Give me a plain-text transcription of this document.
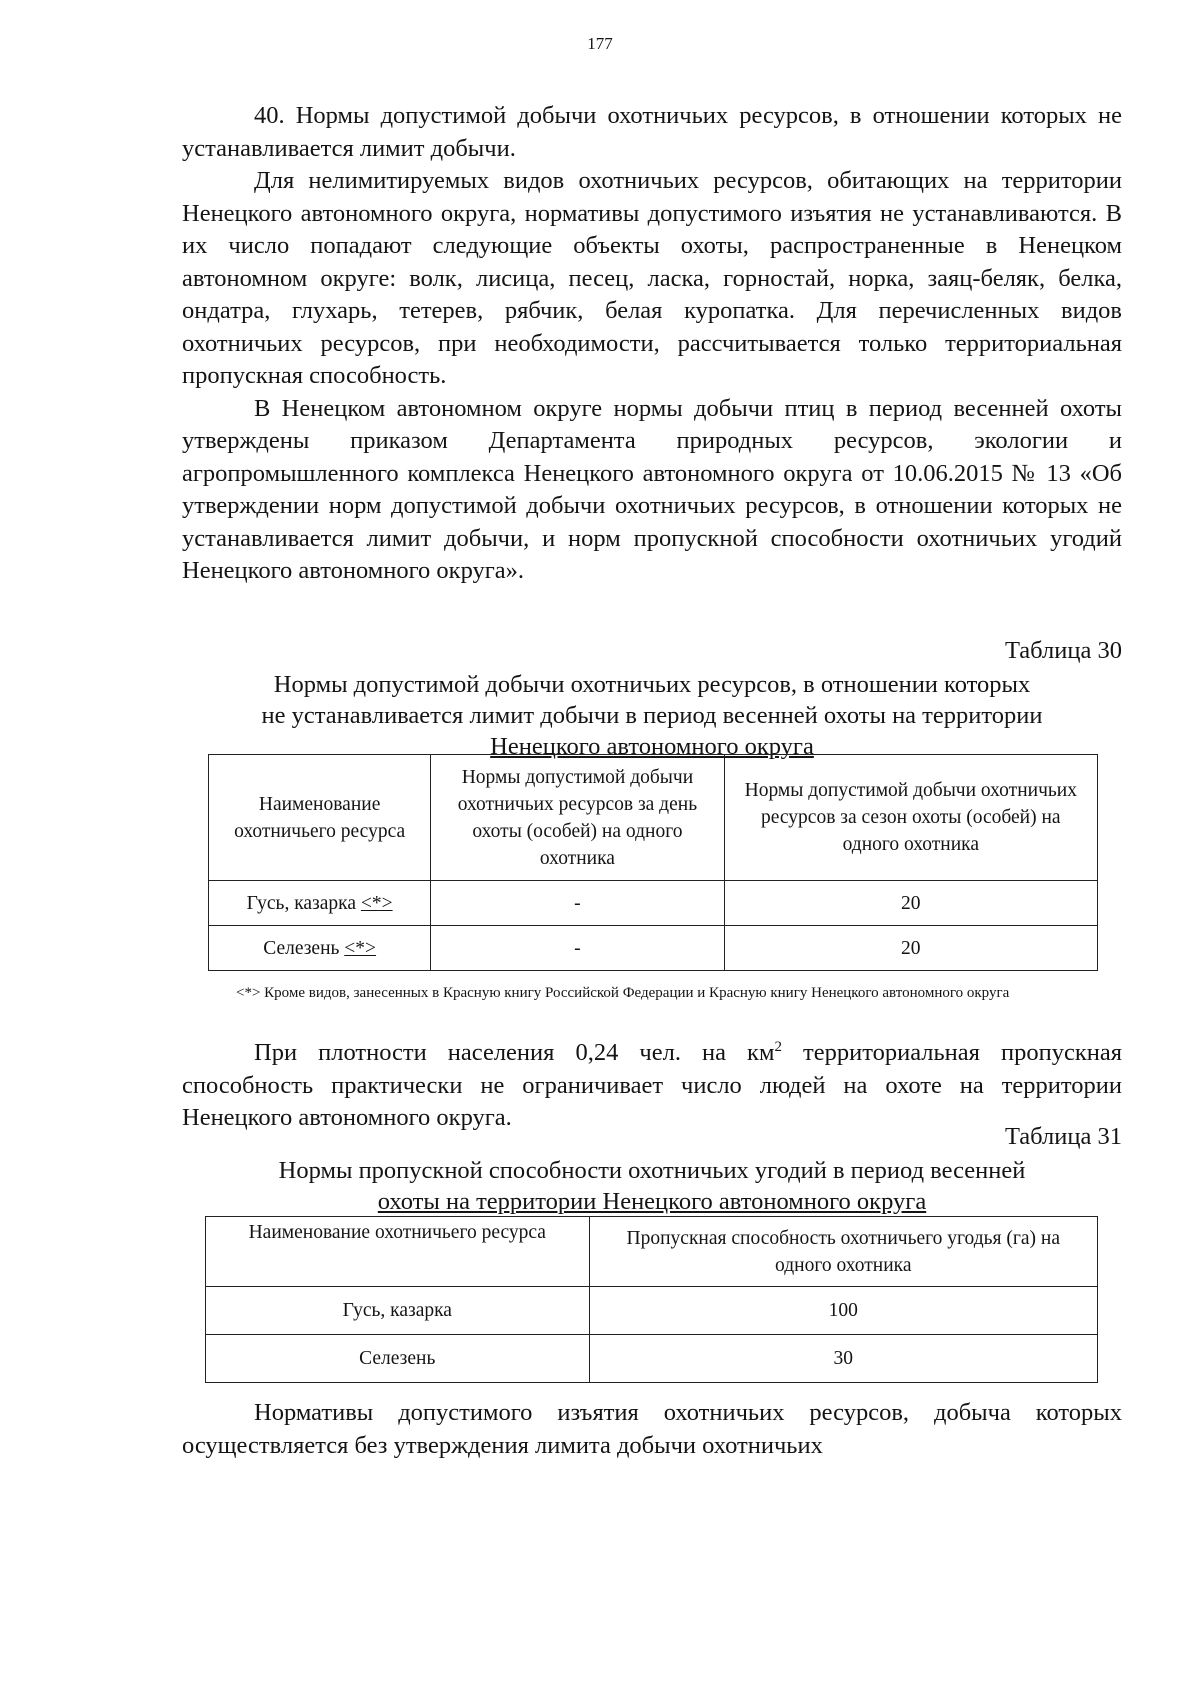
177

40. Нормы допустимой добычи охотничьих ресурсов, в отношении которых не устанавливается лимит добычи.

Для нелимитируемых видов охотничьих ресурсов, обитающих на территории Ненецкого автономного округа, нормативы допустимого изъятия не устанавливаются. В их число попадают следующие объекты охоты, распространенные в Ненецком автономном округе: волк, лисица, песец, ласка, горностай, норка, заяц-беляк, белка, ондатра, глухарь, тетерев, рябчик, белая куропатка. Для перечисленных видов охотничьих ресурсов, при необходимости, рассчитывается только территориальная пропускная способность.

В Ненецком автономном округе нормы добычи птиц в период весенней охоты утверждены приказом Департамента природных ресурсов, экологии и агропромышленного комплекса Ненецкого автономного округа от 10.06.2015 № 13 «Об утверждении норм допустимой добычи охотничьих ресурсов, в отношении которых не устанавливается лимит добычи, и норм пропускной способности охотничьих угодий Ненецкого автономного округа».

Таблица 30
Нормы допустимой добычи охотничьих ресурсов, в отношении которых
не устанавливается лимит добычи в период весенней охоты на территории
Ненецкого автономного округа
Наименование охотничьего ресурса	Нормы допустимой добычи охотничьих ресурсов за день охоты (особей) на одного охотника	Нормы допустимой добычи охотничьих ресурсов за сезон охоты (особей) на одного охотника
Гусь, казарка <*>	-	20
Селезень <*>	-	20

<*> Кроме видов, занесенных в Красную книгу Российской Федерации и Красную книгу Ненецкого автономного округа

При плотности населения 0,24 чел. на $км^2$ территориальная пропускная способность практически не ограничивает число людей на охоте на территории Ненецкого автономного округа.

Таблица 31
Нормы пропускной способности охотничьих угодий в период весенней
охоты на территории Ненецкого автономного округа
Наименование охотничьего ресурса	Пропускная способность охотничьего угодья (га) на одного охотника
Гусь, казарка	100
Селезень	30

Нормативы допустимого изъятия охотничьих ресурсов, добыча которых осуществляется без утверждения лимита добычи охотничьих
